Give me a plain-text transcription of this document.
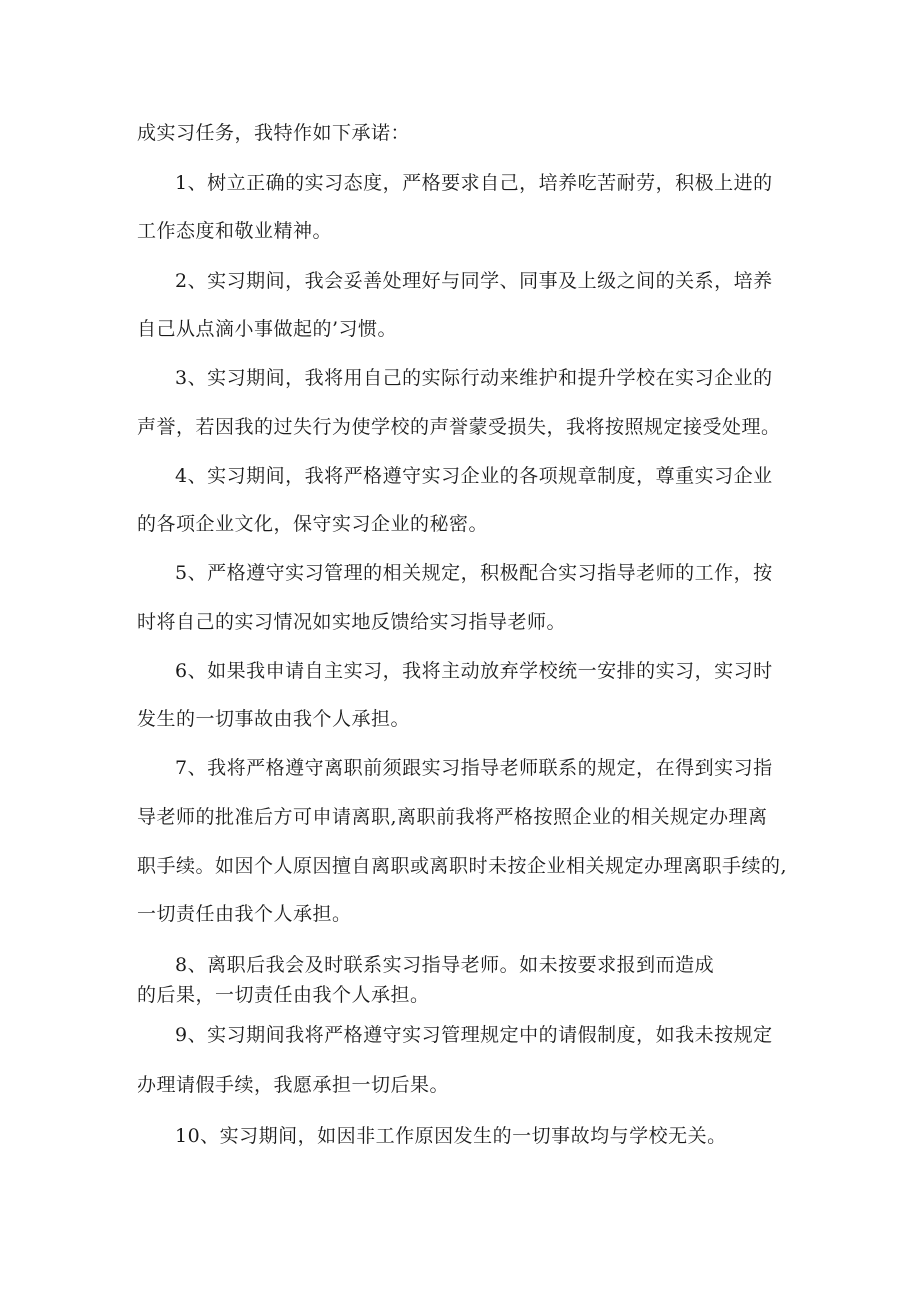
成实习任务，我特作如下承诺：
1、树立正确的实习态度，严格要求自己，培养吃苦耐劳，积极上进的
工作态度和敬业精神。
2、实习期间，我会妥善处理好与同学、同事及上级之间的关系，培养
自己从点滴小事做起的’习惯。
3、实习期间，我将用自己的实际行动来维护和提升学校在实习企业的
声誉，若因我的过失行为使学校的声誉蒙受损失，我将按照规定接受处理。
4、实习期间，我将严格遵守实习企业的各项规章制度，尊重实习企业
的各项企业文化，保守实习企业的秘密。
5、严格遵守实习管理的相关规定，积极配合实习指导老师的工作，按
时将自己的实习情况如实地反馈给实习指导老师。
6、如果我申请自主实习，我将主动放弃学校统一安排的实习，实习时
发生的一切事故由我个人承担。
7、我将严格遵守离职前须跟实习指导老师联系的规定，在得到实习指
导老师的批准后方可申请离职,离职前我将严格按照企业的相关规定办理离
职手续。如因个人原因擅自离职或离职时未按企业相关规定办理离职手续的,
一切责任由我个人承担。
8、离职后我会及时联系实习指导老师。如未按要求报到而造成
的后果，一切责任由我个人承担。
9、实习期间我将严格遵守实习管理规定中的请假制度，如我未按规定
办理请假手续，我愿承担一切后果。
10、实习期间，如因非工作原因发生的一切事故均与学校无关。
